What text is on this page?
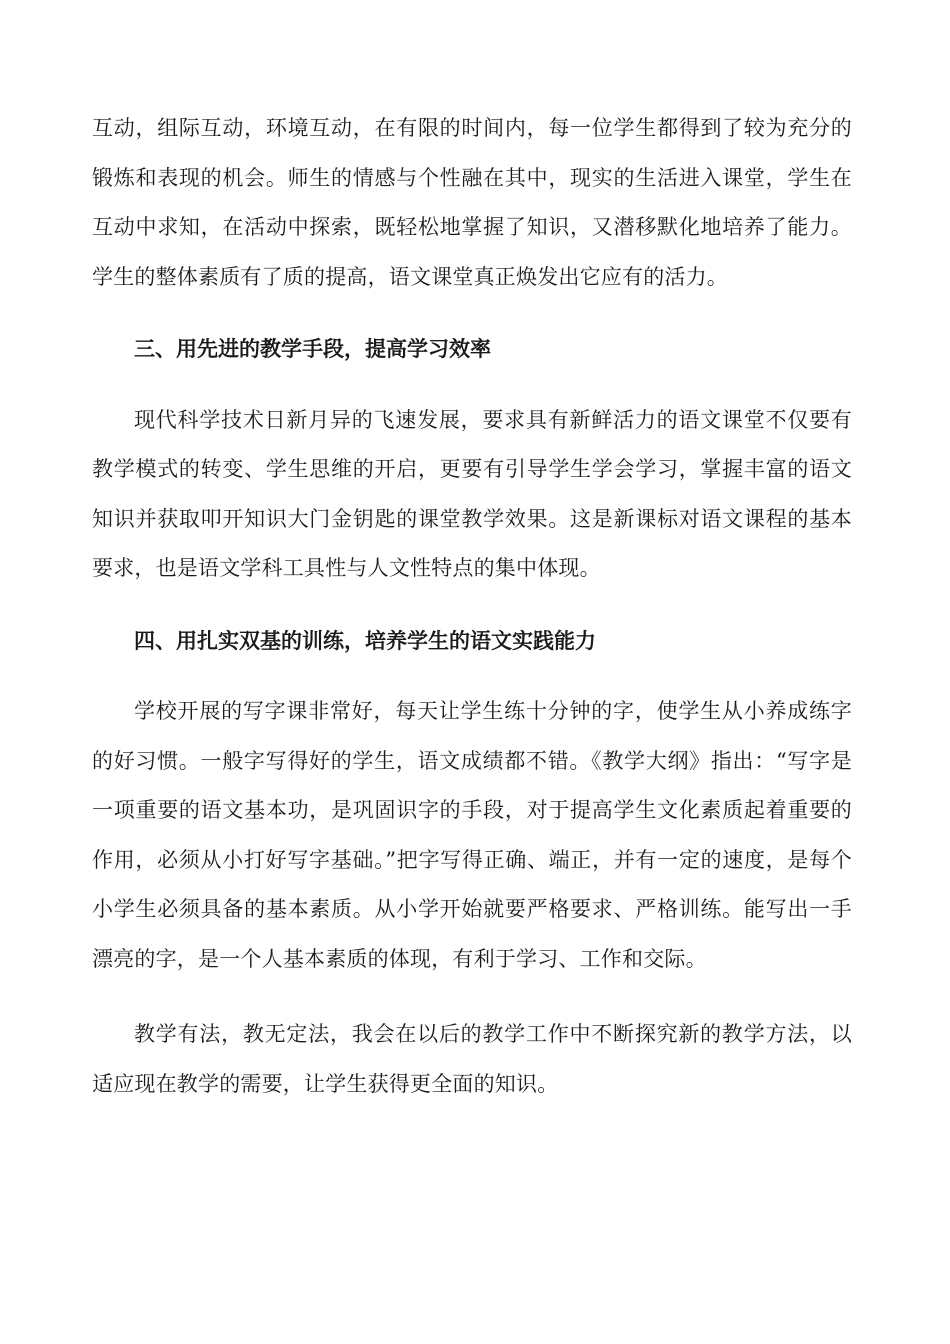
互动，组际互动，环境互动，在有限的时间内，每一位学生都得到了较为充分的锻炼和表现的机会。师生的情感与个性融在其中，现实的生活进入课堂，学生在互动中求知，在活动中探索，既轻松地掌握了知识，又潜移默化地培养了能力。学生的整体素质有了质的提高，语文课堂真正焕发出它应有的活力。

三、用先进的教学手段，提高学习效率

现代科学技术日新月异的飞速发展，要求具有新鲜活力的语文课堂不仅要有教学模式的转变、学生思维的开启，更要有引导学生学会学习，掌握丰富的语文知识并获取叩开知识大门金钥匙的课堂教学效果。这是新课标对语文课程的基本要求，也是语文学科工具性与人文性特点的集中体现。

四、用扎实双基的训练，培养学生的语文实践能力

学校开展的写字课非常好，每天让学生练十分钟的字，使学生从小养成练字的好习惯。一般字写得好的学生，语文成绩都不错。《教学大纲》指出：“写字是一项重要的语文基本功，是巩固识字的手段，对于提高学生文化素质起着重要的作用，必须从小打好写字基础。”把字写得正确、端正，并有一定的速度，是每个小学生必须具备的基本素质。从小学开始就要严格要求、严格训练。能写出一手漂亮的字，是一个人基本素质的体现，有利于学习、工作和交际。

教学有法，教无定法，我会在以后的教学工作中不断探究新的教学方法，以适应现在教学的需要，让学生获得更全面的知识。
